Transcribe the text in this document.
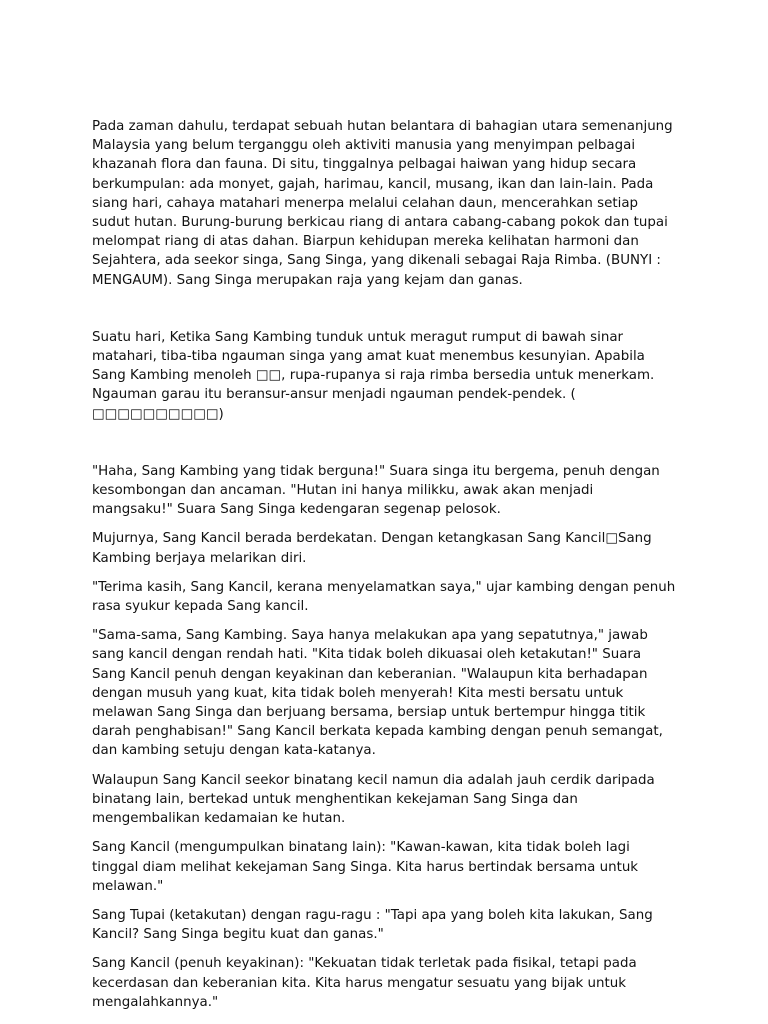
Pada zaman dahulu, terdapat sebuah hutan belantara di bahagian utara semenanjung Malaysia yang belum terganggu oleh aktiviti manusia yang menyimpan pelbagai khazanah flora dan fauna. Di situ, tinggalnya pelbagai haiwan yang hidup secara berkumpulan: ada monyet, gajah, harimau, kancil, musang, ikan dan lain-lain. Pada siang hari, cahaya matahari menerpa melalui celahan daun, mencerahkan setiap sudut hutan. Burung-burung berkicau riang di antara cabang-cabang pokok dan tupai melompat riang di atas dahan. Biarpun kehidupan mereka kelihatan harmoni dan Sejahtera, ada seekor singa, Sang Singa, yang dikenali sebagai Raja Rimba. (BUNYI : MENGAUM). Sang Singa merupakan raja yang kejam dan ganas.

Suatu hari, Ketika Sang Kambing tunduk untuk meragut rumput di bawah sinar matahari, tiba-tiba ngauman singa yang amat kuat menembus kesunyian. Apabila Sang Kambing menoleh □□, rupa-rupanya si raja rimba bersedia untuk menerkam. Ngauman garau itu beransur-ansur menjadi ngauman pendek-pendek. ( □□□□□□□□□□)

"Haha, Sang Kambing yang tidak berguna!" Suara singa itu bergema, penuh dengan kesombongan dan ancaman. "Hutan ini hanya milikku, awak akan menjadi mangsaku!" Suara Sang Singa kedengaran segenap pelosok.

Mujurnya, Sang Kancil berada berdekatan. Dengan ketangkasan Sang Kancil□Sang Kambing berjaya melarikan diri.

"Terima kasih, Sang Kancil, kerana menyelamatkan saya," ujar kambing dengan penuh rasa syukur kepada Sang kancil.

"Sama-sama, Sang Kambing. Saya hanya melakukan apa yang sepatutnya," jawab sang kancil dengan rendah hati. "Kita tidak boleh dikuasai oleh ketakutan!" Suara Sang Kancil penuh dengan keyakinan dan keberanian. "Walaupun kita berhadapan dengan musuh yang kuat, kita tidak boleh menyerah! Kita mesti bersatu untuk melawan Sang Singa dan berjuang bersama, bersiap untuk bertempur hingga titik darah penghabisan!" Sang Kancil berkata kepada kambing dengan penuh semangat, dan kambing setuju dengan kata-katanya.

Walaupun Sang Kancil seekor binatang kecil namun dia adalah jauh cerdik daripada binatang lain, bertekad untuk menghentikan kekejaman Sang Singa dan mengembalikan kedamaian ke hutan.

Sang Kancil (mengumpulkan binatang lain): "Kawan-kawan, kita tidak boleh lagi tinggal diam melihat kekejaman Sang Singa. Kita harus bertindak bersama untuk melawan."

Sang Tupai (ketakutan) dengan ragu-ragu : "Tapi apa yang boleh kita lakukan, Sang Kancil? Sang Singa begitu kuat dan ganas."

Sang Kancil (penuh keyakinan): "Kekuatan tidak terletak pada fisikal, tetapi pada kecerdasan dan keberanian kita. Kita harus mengatur sesuatu yang bijak untuk mengalahkannya."
